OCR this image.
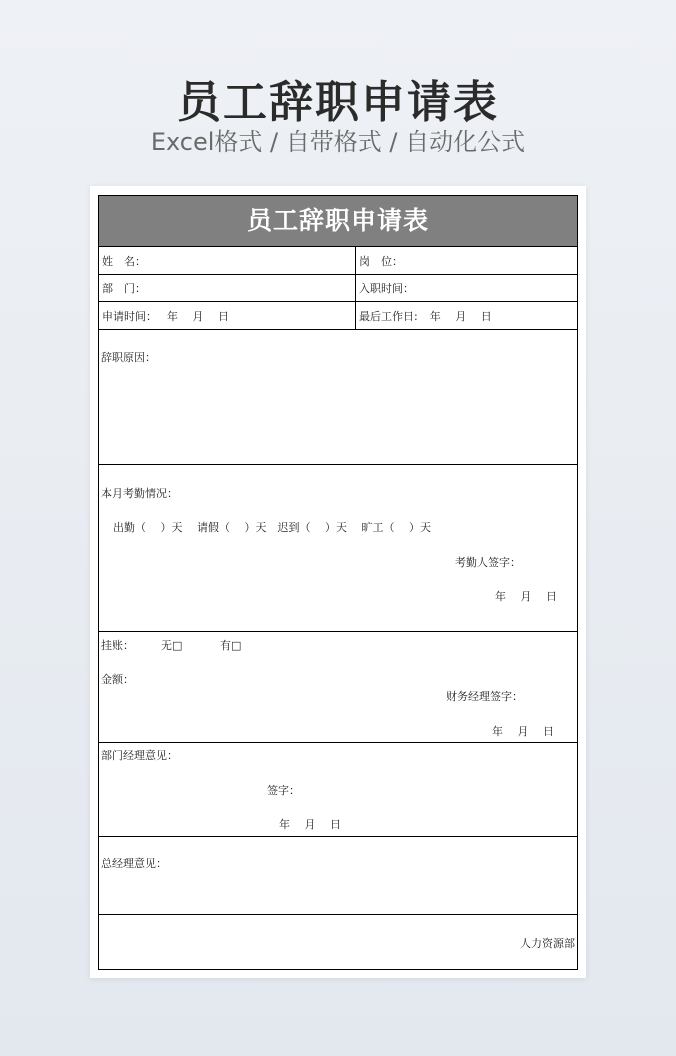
员工辞职申请表
Excel格式 / 自带格式 / 自动化公式
员工辞职申请表
姓　名：	岗　位：
部　门：	入职时间：
申请时间： 年　 月　 日	最后工作日: 年　 月　 日
辞职原因：
本月考勤情况：
出勤（　 ）天　 请假（　 ）天　迟到（　 ）天　 旷工（　 ）天
考勤人签字：
年　 月　 日
挂账： 无□	有□
金额：
财务经理签字：
年　 月　 日
部门经理意见：
签字：
年　 月　 日
总经理意见：
人力资源部
